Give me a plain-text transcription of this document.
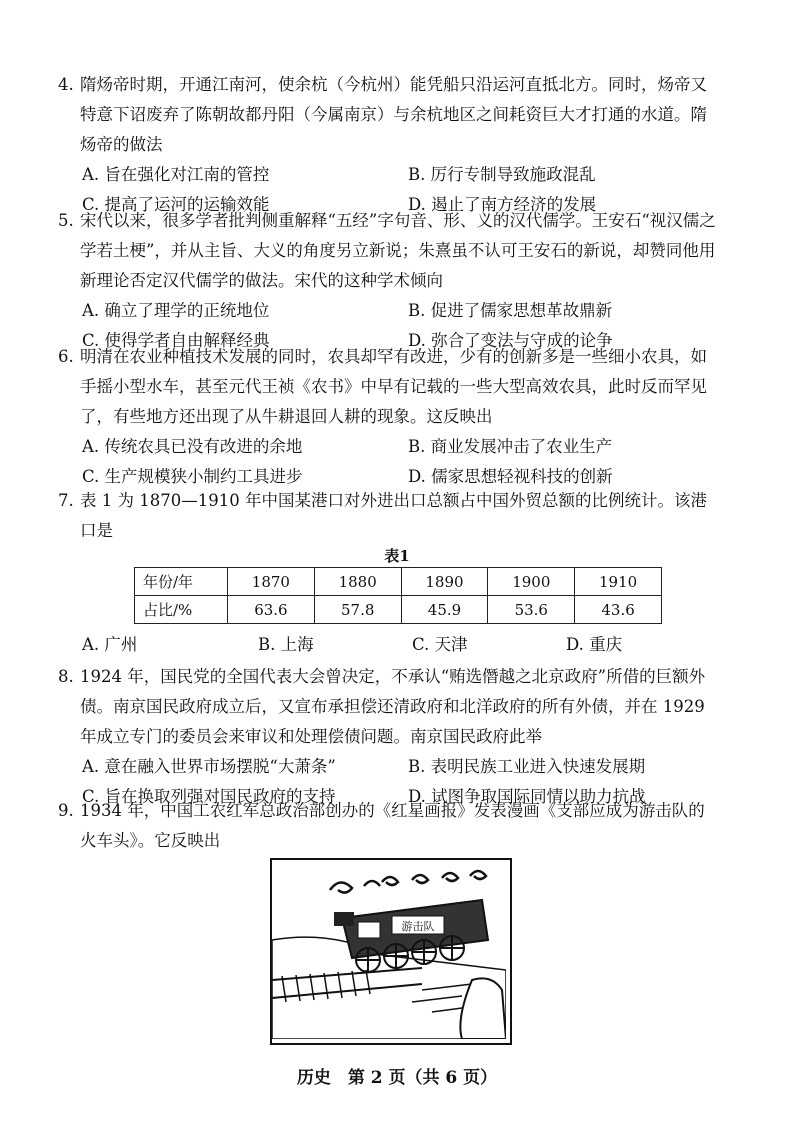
4. 隋炀帝时期，开通江南河，使余杭（今杭州）能凭船只沿运河直抵北方。同时，炀帝又特意下诏废弃了陈朝故都丹阳（今属南京）与余杭地区之间耗资巨大才打通的水道。隋炀帝的做法
A. 旨在强化对江南的管控	B. 厉行专制导致施政混乱
C. 提高了运河的运输效能	D. 遏止了南方经济的发展
5. 宋代以来，很多学者批判侧重解释“五经”字句音、形、义的汉代儒学。王安石“视汉儒之学若土梗”，并从主旨、大义的角度另立新说；朱熹虽不认可王安石的新说，却赞同他用新理论否定汉代儒学的做法。宋代的这种学术倾向
A. 确立了理学的正统地位	B. 促进了儒家思想革故鼎新
C. 使得学者自由解释经典	D. 弥合了变法与守成的论争
6. 明清在农业种植技术发展的同时，农具却罕有改进，少有的创新多是一些细小农具，如手摇小型水车，甚至元代王祯《农书》中早有记载的一些大型高效农具，此时反而罕见了，有些地方还出现了从牛耕退回人耕的现象。这反映出
A. 传统农具已没有改进的余地	B. 商业发展冲击了农业生产
C. 生产规模狭小制约工具进步	D. 儒家思想轻视科技的创新
7. 表 1 为 1870—1910 年中国某港口对外进出口总额占中国外贸总额的比例统计。该港口是
表1
年份/年	1870	1880	1890	1900	1910
占比/%	63.6	57.8	45.9	53.6	43.6
A. 广州	B. 上海	C. 天津	D. 重庆
8. 1924 年，国民党的全国代表大会曾决定，不承认“贿选僭越之北京政府”所借的巨额外债。南京国民政府成立后，又宣布承担偿还清政府和北洋政府的所有外债，并在 1929 年成立专门的委员会来审议和处理偿债问题。南京国民政府此举
A. 意在融入世界市场摆脱“大萧条”	B. 表明民族工业进入快速发展期
C. 旨在换取列强对国民政府的支持	D. 试图争取国际同情以助力抗战
9. 1934 年，中国工农红军总政治部创办的《红星画报》发表漫画《支部应成为游击队的火车头》。它反映出
游击队
历史　第 2 页（共 6 页）
